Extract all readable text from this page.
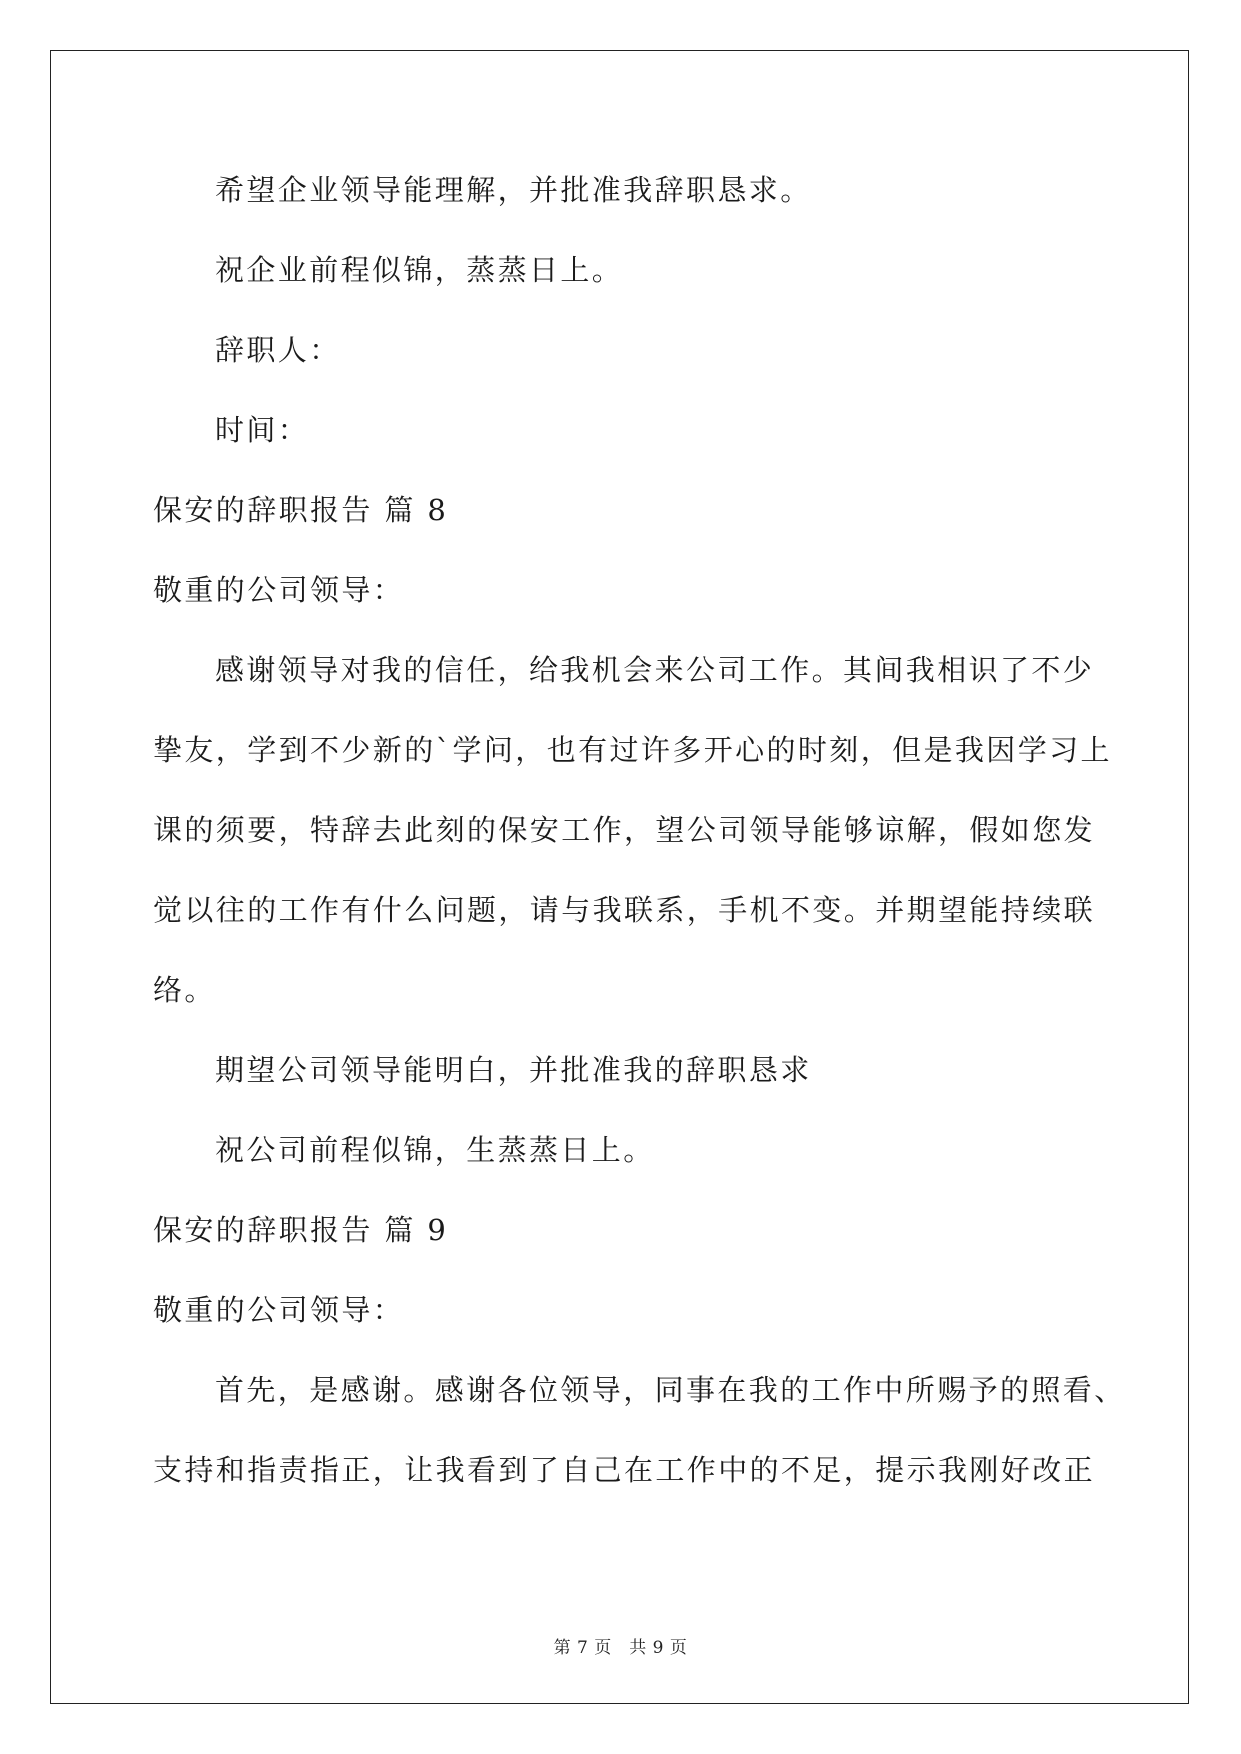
希望企业领导能理解，并批准我辞职恳求。
祝企业前程似锦，蒸蒸日上。
辞职人：
时间：
保安的辞职报告 篇 8
敬重的公司领导：
感谢领导对我的信任，给我机会来公司工作。其间我相识了不少
挚友，学到不少新的`学问，也有过许多开心的时刻，但是我因学习上
课的须要，特辞去此刻的保安工作，望公司领导能够谅解，假如您发
觉以往的工作有什么问题，请与我联系，手机不变。并期望能持续联
络。
期望公司领导能明白，并批准我的辞职恳求
祝公司前程似锦，生蒸蒸日上。
保安的辞职报告 篇 9
敬重的公司领导：
首先，是感谢。感谢各位领导，同事在我的工作中所赐予的照看、
支持和指责指正，让我看到了自己在工作中的不足，提示我刚好改正
第 7 页　共 9 页
